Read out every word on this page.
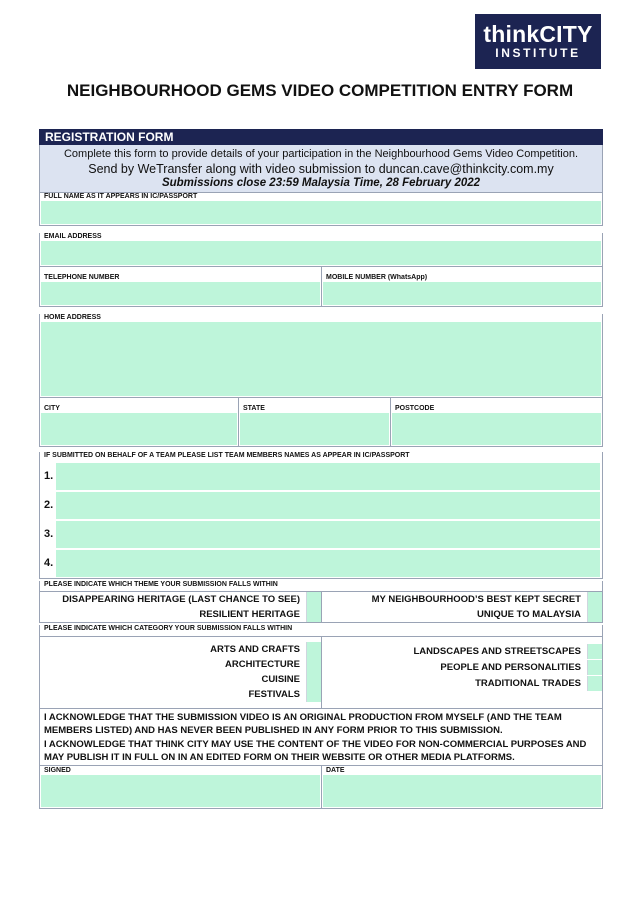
thinkCITY
INSTITUTE
NEIGHBOURHOOD GEMS VIDEO COMPETITION ENTRY FORM
REGISTRATION FORM
Complete this form to provide details of your participation in the Neighbourhood Gems Video Competition.
Send by WeTransfer along with video submission to duncan.cave@thinkcity.com.my
Submissions close 23:59 Malaysia Time, 28 February 2022
FULL NAME AS IT APPEARS IN IC/PASSPORT
EMAIL ADDRESS
TELEPHONE NUMBER	MOBILE NUMBER (WhatsApp)
HOME ADDRESS
CITY	STATE	POSTCODE
IF SUBMITTED ON BEHALF OF A TEAM PLEASE LIST TEAM MEMBERS NAMES AS APPEAR IN IC/PASSPORT
1.
2.
3.
4.
PLEASE INDICATE WHICH THEME YOUR SUBMISSION FALLS WITHIN
DISAPPEARING HERITAGE (LAST CHANCE TO SEE)
RESILIENT HERITAGE
MY NEIGHBOURHOOD’S BEST KEPT SECRET
UNIQUE TO MALAYSIA
PLEASE INDICATE WHICH CATEGORY YOUR SUBMISSION FALLS WITHIN
ARTS AND CRAFTS
ARCHITECTURE
CUISINE
FESTIVALS
LANDSCAPES AND STREETSCAPES
PEOPLE AND PERSONALITIES
TRADITIONAL TRADES
I ACKNOWLEDGE THAT THE SUBMISSION VIDEO IS AN ORIGINAL PRODUCTION FROM MYSELF (AND THE TEAM MEMBERS LISTED) AND HAS NEVER BEEN PUBLISHED IN ANY FORM PRIOR TO THIS SUBMISSION.
I ACKNOWLEDGE THAT THINK CITY MAY USE THE CONTENT OF THE VIDEO FOR NON-COMMERCIAL PURPOSES AND MAY PUBLISH IT IN FULL ON IN AN EDITED FORM ON THEIR WEBSITE OR OTHER MEDIA PLATFORMS.
SIGNED	DATE
